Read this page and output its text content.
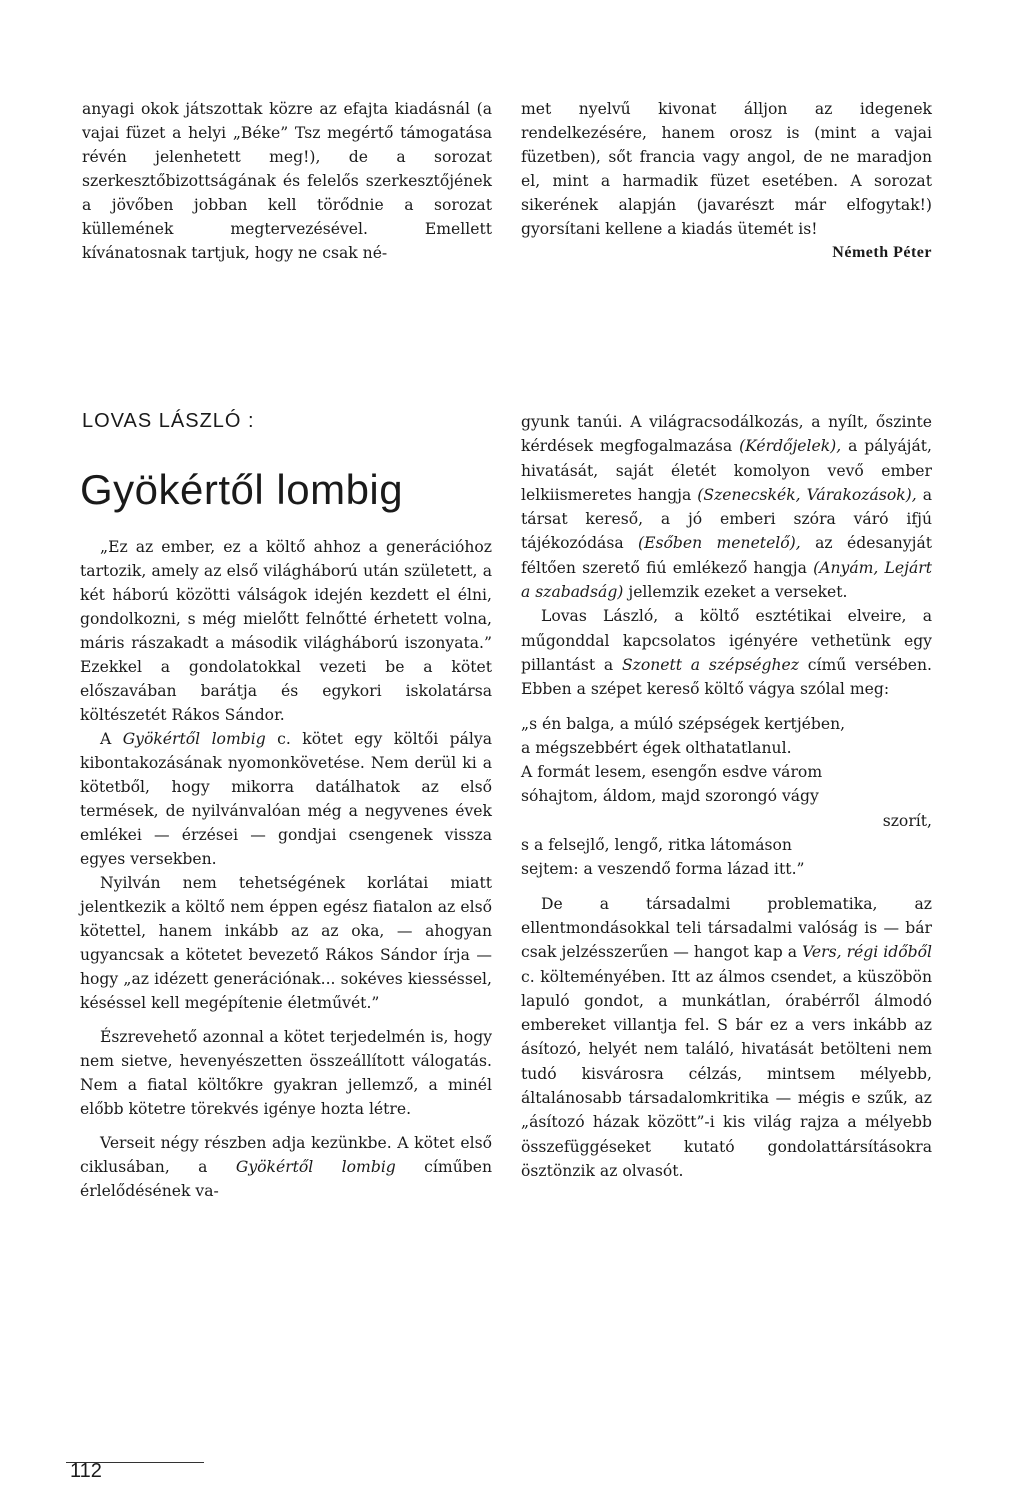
anyagi okok játszottak közre az efajta kiadásnál (a vajai füzet a helyi „Béke” Tsz megértő támogatása révén jelenhetett meg!), de a sorozat szerkesztőbizottságának és felelős szerkesztőjének a jövőben jobban kell törődnie a sorozat küllemének megtervezésével. Emellett kívánatosnak tartjuk, hogy ne csak né-

met nyelvű kivonat álljon az idegenek rendelkezésére, hanem orosz is (mint a vajai füzetben), sőt francia vagy angol, de ne maradjon el, mint a harmadik füzet esetében. A sorozat sikerének alapján (javarészt már elfogytak!) gyorsítani kellene a kiadás ütemét is!

Németh Péter

LOVAS LÁSZLÓ :
Gyökértől lombig

„Ez az ember, ez a költő ahhoz a generációhoz tartozik, amely az első világháború után született, a két háború közötti válságok idején kezdett el élni, gondolkozni, s még mielőtt felnőtté érhetett volna, máris rászakadt a második világháború iszonyata.” Ezekkel a gondolatokkal vezeti be a kötet előszavában barátja és egykori iskolatársa költészetét Rákos Sándor.

A Gyökértől lombig c. kötet egy költői pálya kibontakozásának nyomonkövetése. Nem derül ki a kötetből, hogy mikorra datálhatok az első termések, de nyilvánvalóan még a negyvenes évek emlékei — érzései — gondjai csengenek vissza egyes versekben.

Nyilván nem tehetségének korlátai miatt jelentkezik a költő nem éppen egész fiatalon az első kötettel, hanem inkább az az oka, — ahogyan ugyancsak a kötetet bevezető Rákos Sándor írja — hogy „az idézett generációnak... sokéves kiesséssel, késéssel kell megépítenie életművét.”

Észrevehető azonnal a kötet terjedelmén is, hogy nem sietve, hevenyészetten összeállított válogatás. Nem a fiatal költőkre gyakran jellemző, a minél előbb kötetre törekvés igénye hozta létre.

Verseit négy részben adja kezünkbe. A kötet első ciklusában, a Gyökértől lombig címűben érlelődésének va-

gyunk tanúi. A világracsodálkozás, a nyílt, őszinte kérdések megfogalmazása (Kérdőjelek), a pályáját, hivatását, saját életét komolyon vevő ember lelkiismeretes hangja (Szenecskék, Várakozások), a társat kereső, a jó emberi szóra váró ifjú tájékozódása (Esőben menetelő), az édesanyját féltően szerető fiú emlékező hangja (Anyám, Lejárt a szabadság) jellemzik ezeket a verseket.

Lovas László, a költő esztétikai elveire, a műgonddal kapcsolatos igényére vethetünk egy pillantást a Szonett a szépséghez című versében. Ebben a szépet kereső költő vágya szólal meg:

„s én balga, a múló szépségek kertjében,

a mégszebbért égek olthatatlanul.

A formát lesem, esengőn esdve várom

sóhajtom, áldom, majd szorongó vágy

szorít,

s a felsejlő, lengő, ritka látomáson

sejtem: a veszendő forma lázad itt.”

De a társadalmi problematika, az ellentmondásokkal teli társadalmi valóság is — bár csak jelzésszerűen — hangot kap a Vers, régi időből c. költeményében. Itt az álmos csendet, a küszöbön lapuló gondot, a munkátlan, órabérről álmodó embereket villantja fel. S bár ez a vers inkább az ásítozó, helyét nem találó, hivatását betölteni nem tudó kisvárosra célzás, mintsem mélyebb, általánosabb társadalomkritika — mégis e szűk, az „ásítozó házak között”-i kis világ rajza a mélyebb összefüggéseket kutató gondolattársításokra ösztönzik az olvasót.

112
